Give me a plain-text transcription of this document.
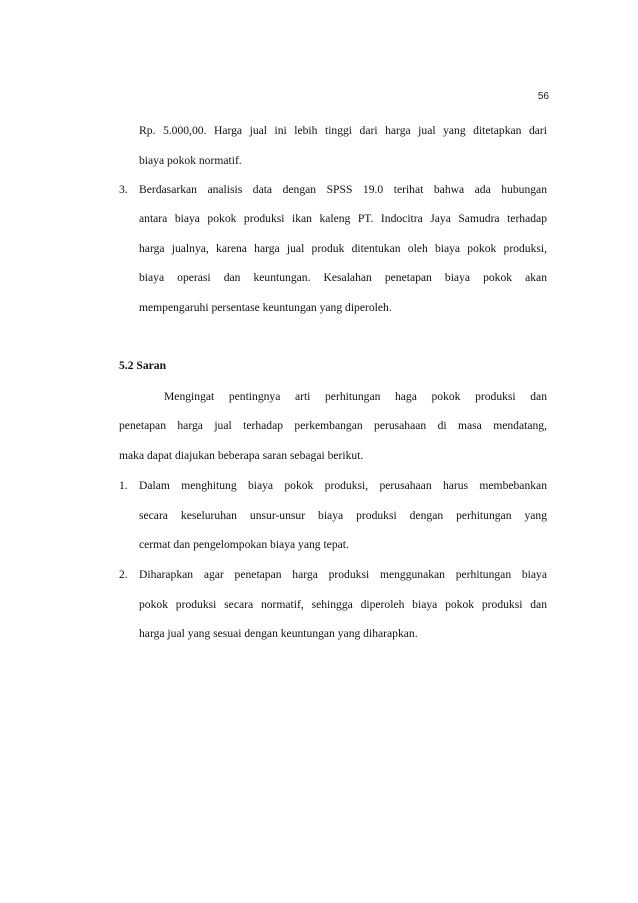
56
Rp. 5.000,00. Harga jual ini lebih tinggi dari harga jual yang ditetapkan dari
biaya pokok normatif.
3. Berdasarkan analisis data dengan SPSS 19.0 terihat bahwa ada hubungan
antara biaya pokok produksi ikan kaleng PT. Indocitra Jaya Samudra terhadap
harga jualnya, karena harga jual produk ditentukan oleh biaya pokok produksi,
biaya operasi dan keuntungan. Kesalahan penetapan biaya pokok akan
mempengaruhi persentase keuntungan yang diperoleh.
5.2 Saran
Mengingat pentingnya arti perhitungan haga pokok produksi dan
penetapan harga jual terhadap perkembangan perusahaan di masa mendatang,
maka dapat diajukan beberapa saran sebagai berikut.
1. Dalam menghitung biaya pokok produksi, perusahaan harus membebankan
secara keseluruhan unsur-unsur biaya produksi dengan perhitungan yang
cermat dan pengelompokan biaya yang tepat.
2. Diharapkan agar penetapan harga produksi menggunakan perhitungan biaya
pokok produksi secara normatif, sehingga diperoleh biaya pokok produksi dan
harga jual yang sesuai dengan keuntungan yang diharapkan.
